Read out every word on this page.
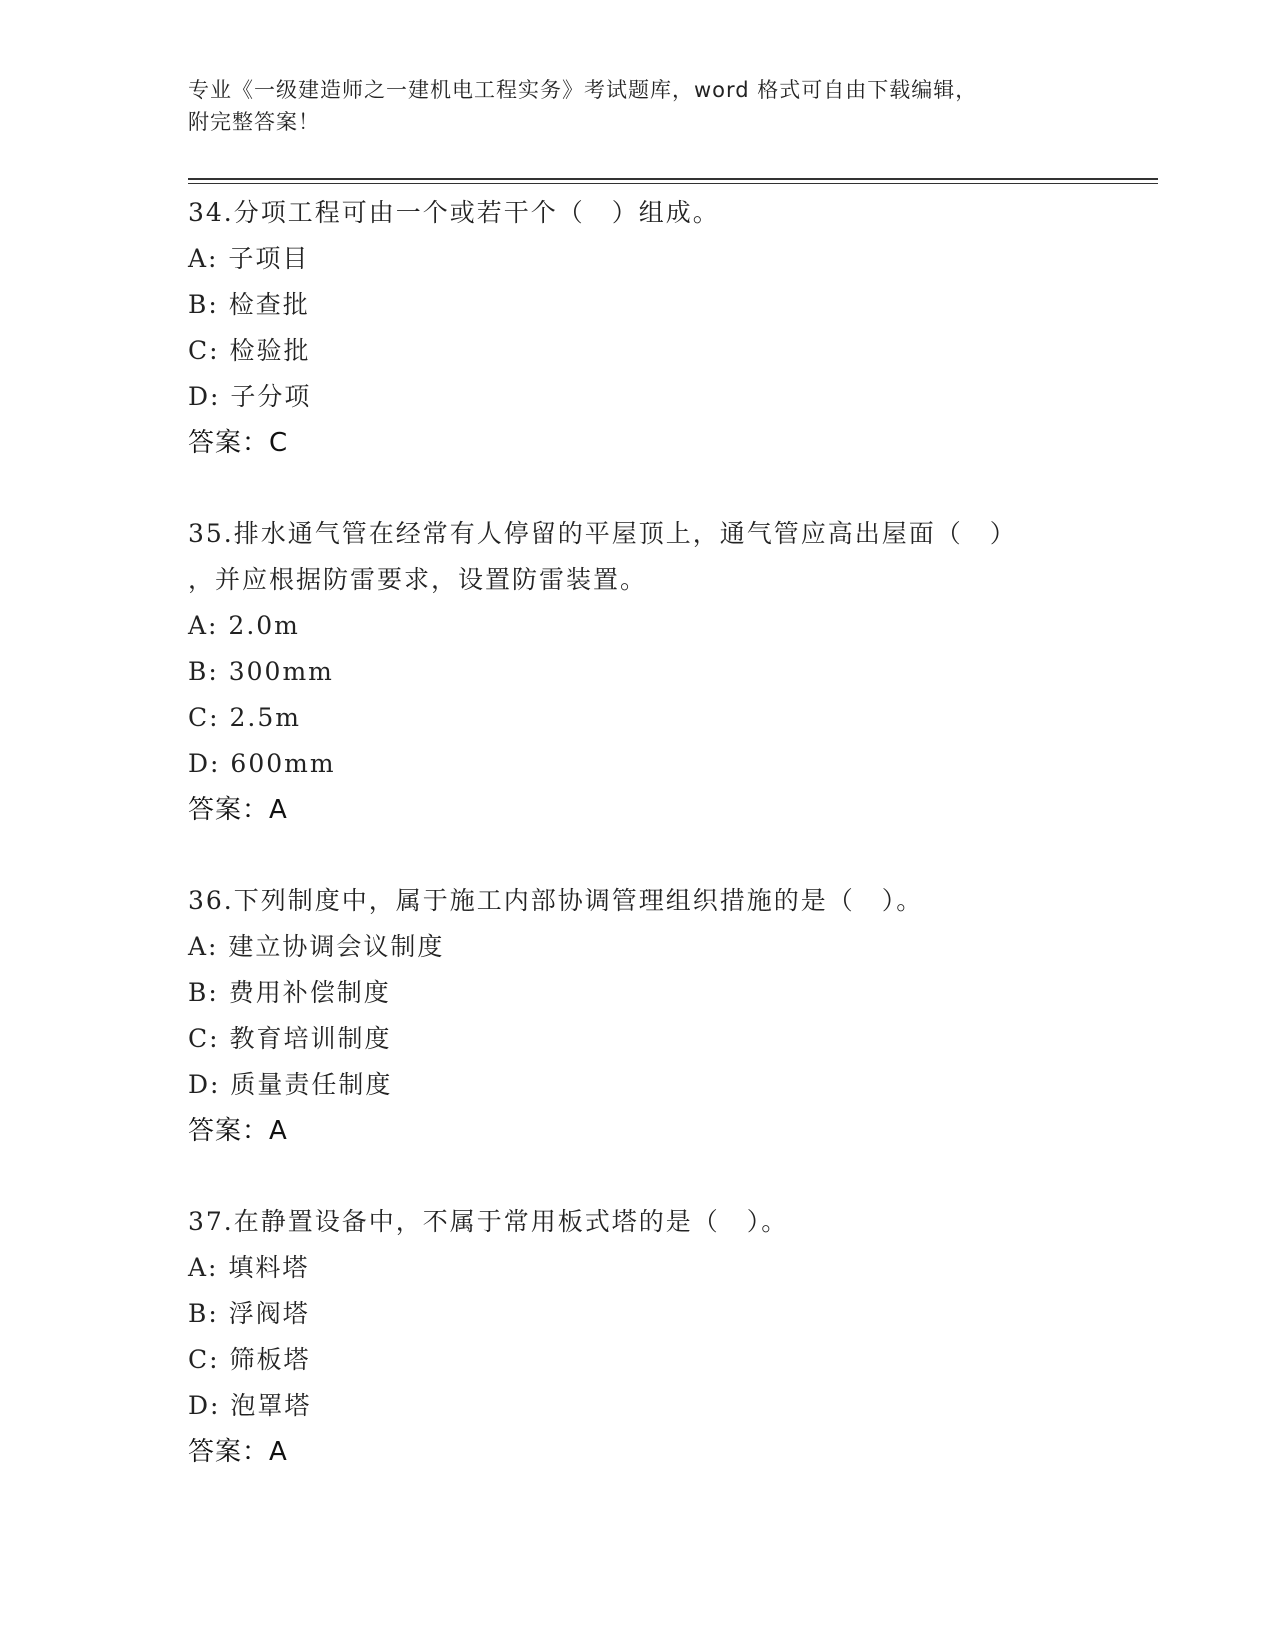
专业《一级建造师之一建机电工程实务》考试题库，word 格式可自由下载编辑，
附完整答案！
34.分项工程可由一个或若干个（　）组成。
A: 子项目
B: 检查批
C: 检验批
D: 子分项
答案：C
35.排水通气管在经常有人停留的平屋顶上，通气管应高出屋面（　）
，并应根据防雷要求，设置防雷装置。
A: 2.0m
B: 300mm
C: 2.5m
D: 600mm
答案：A
36.下列制度中，属于施工内部协调管理组织措施的是（　）。
A: 建立协调会议制度
B: 费用补偿制度
C: 教育培训制度
D: 质量责任制度
答案：A
37.在静置设备中，不属于常用板式塔的是（　）。
A: 填料塔
B: 浮阀塔
C: 筛板塔
D: 泡罩塔
答案：A
